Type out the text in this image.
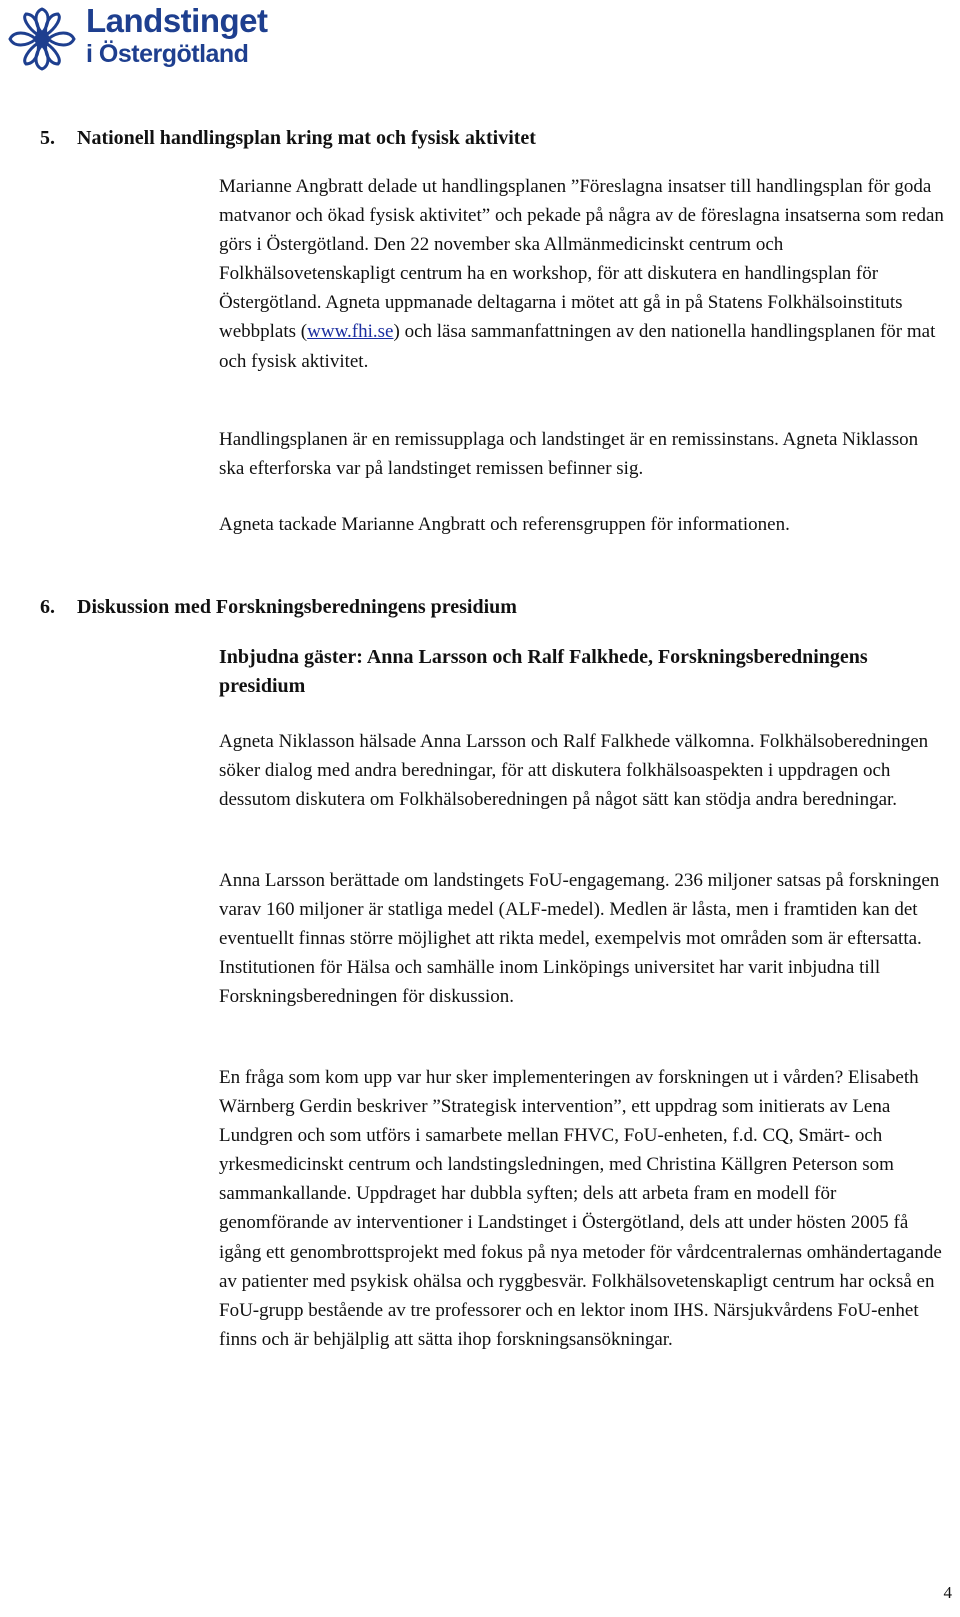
Landstinget
i Östergötland
5. Nationell handlingsplan kring mat och fysisk aktivitet
Marianne Angbratt delade ut handlingsplanen ”Föreslagna insatser till handlingsplan för goda matvanor och ökad fysisk aktivitet” och pekade på några av de föreslagna insatserna som redan görs i Östergötland. Den 22 november ska Allmänmedicinskt centrum och Folkhälsovetenskapligt centrum ha en workshop, för att diskutera en handlingsplan för Östergötland. Agneta uppmanade deltagarna i mötet att gå in på Statens Folkhälsoinstituts webbplats (www.fhi.se) och läsa sammanfattningen av den nationella handlingsplanen för mat och fysisk aktivitet.
Handlingsplanen är en remissupplaga och landstinget är en remissinstans. Agneta Niklasson ska efterforska var på landstinget remissen befinner sig.
Agneta tackade Marianne Angbratt och referensgruppen för informationen.
6. Diskussion med Forskningsberedningens presidium
Inbjudna gäster: Anna Larsson och Ralf Falkhede, Forskningsberedningens presidium
Agneta Niklasson hälsade Anna Larsson och Ralf Falkhede välkomna. Folkhälsoberedningen söker dialog med andra beredningar, för att diskutera folkhälsoaspekten i uppdragen och dessutom diskutera om Folkhälsoberedningen på något sätt kan stödja andra beredningar.
Anna Larsson berättade om landstingets FoU-engagemang. 236 miljoner satsas på forskningen varav 160 miljoner är statliga medel (ALF-medel). Medlen är låsta, men i framtiden kan det eventuellt finnas större möjlighet att rikta medel, exempelvis mot områden som är eftersatta. Institutionen för Hälsa och samhälle inom Linköpings universitet har varit inbjudna till Forskningsberedningen för diskussion.
En fråga som kom upp var hur sker implementeringen av forskningen ut i vården? Elisabeth Wärnberg Gerdin beskriver ”Strategisk intervention”, ett uppdrag som initierats av Lena Lundgren och som utförs i samarbete mellan FHVC, FoU-enheten, f.d. CQ, Smärt- och yrkesmedicinskt centrum och landstingsledningen, med Christina Källgren Peterson som sammankallande. Uppdraget har dubbla syften; dels att arbeta fram en modell för genomförande av interventioner i Landstinget i Östergötland, dels att under hösten 2005 få igång ett genombrottsprojekt med fokus på nya metoder för vårdcentralernas omhändertagande av patienter med psykisk ohälsa och ryggbesvär. Folkhälsovetenskapligt centrum har också en FoU-grupp bestående av tre professorer och en lektor inom IHS. Närsjukvårdens FoU-enhet finns och är behjälplig att sätta ihop forskningsansökningar.
4
